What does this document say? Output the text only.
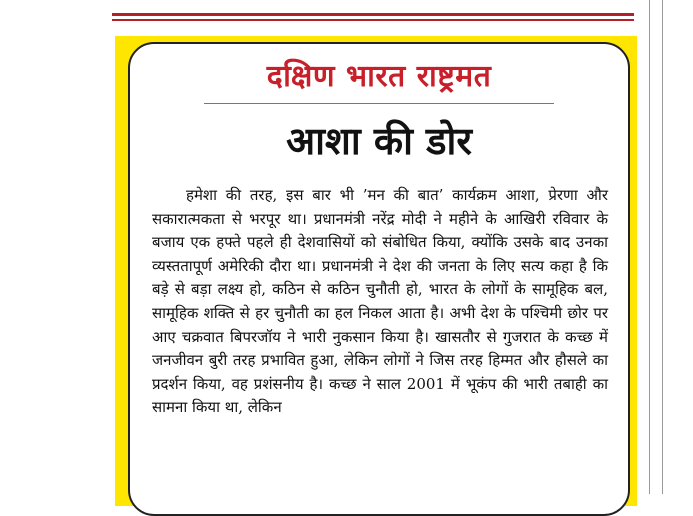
दक्षिण भारत राष्ट्रमत
आशा की डोर
हमेशा की तरह, इस बार भी ’मन की बात’ कार्यक्रम आशा, प्रेरणा और सकारात्मकता से भरपूर था। प्रधानमंत्री नरेंद्र मोदी ने महीने के आखिरी रविवार के बजाय एक हफ्ते पहले ही देशवासियों को संबोधित किया, क्योंकि उसके बाद उनका व्यस्ततापूर्ण अमेरिकी दौरा था। प्रधानमंत्री ने देश की जनता के लिए सत्य कहा है कि बड़े से बड़ा लक्ष्य हो, कठिन से कठिन चुनौती हो, भारत के लोगों के सामूहिक बल, सामूहिक शक्ति से हर चुनौती का हल निकल आता है। अभी देश के पश्चिमी छोर पर आए चक्रवात बिपरजॉय ने भारी नुकसान किया है। खासतौर से गुजरात के कच्छ में जनजीवन बुरी तरह प्रभावित हुआ, लेकिन लोगों ने जिस तरह हिम्मत और हौसले का प्रदर्शन किया, वह प्रशंसनीय है। कच्छ ने साल 2001 में भूकंप की भारी तबाही का सामना किया था, लेकिन
